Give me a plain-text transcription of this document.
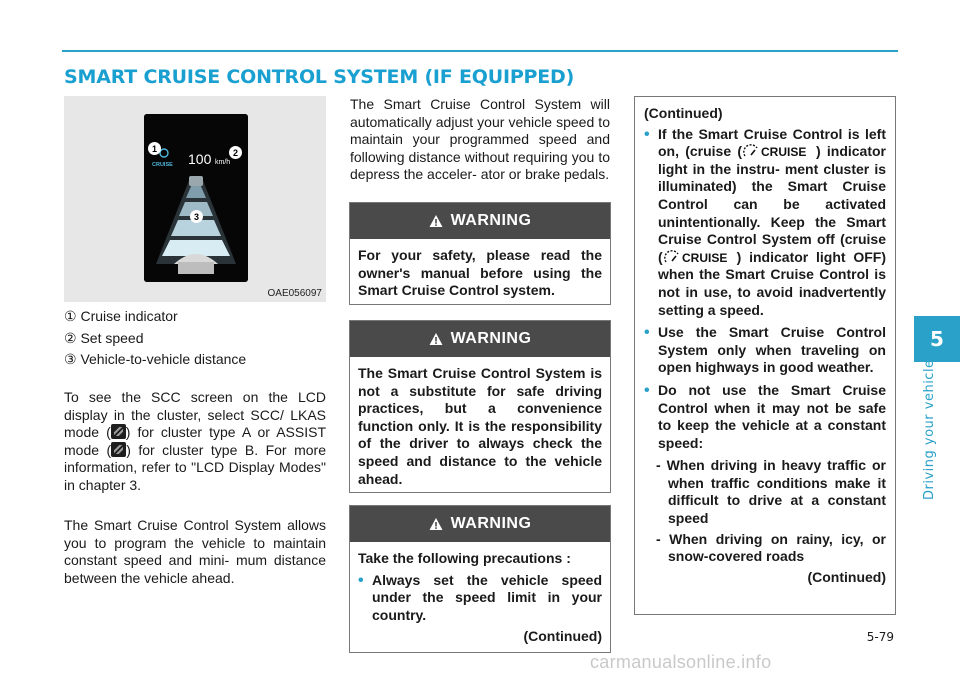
SMART CRUISE CONTROL SYSTEM (IF EQUIPPED)
5
Driving your vehicle
CRUISE 100 km/h
1	2
3
OAE056097
① Cruise indicator
② Set speed
③ Vehicle-to-vehicle distance
To see the SCC screen on the LCD display in the cluster, select SCC/ LKAS mode ( ) for cluster type A or ASSIST mode ( ) for cluster type B. For more information, refer to "LCD Display Modes" in chapter 3.
The Smart Cruise Control System allows you to program the vehicle to maintain constant speed and mini- mum distance between the vehicle ahead.
The Smart Cruise Control System will automatically adjust your vehicle speed to maintain your programmed speed and following distance without requiring you to depress the acceler- ator or brake pedals.
WARNING
For your safety, please read the owner's manual before using the Smart Cruise Control system.
WARNING
The Smart Cruise Control System is not a substitute for safe driving practices, but a convenience function only. It is the responsibility of the driver to always check the speed and distance to the vehicle ahead.
WARNING
Take the following precautions :
• Always set the vehicle speed under the speed limit in your country.
(Continued)
(Continued)
• If the Smart Cruise Control is left on, (cruise ( CRUISE ) indicator light in the instru- ment cluster is illuminated) the Smart Cruise Control can be activated unintentionally. Keep the Smart Cruise Control System off (cruise ( CRUISE ) indicator light OFF) when the Smart Cruise Control is not in use, to avoid inadvertently setting a speed.
• Use the Smart Cruise Control System only when traveling on open highways in good weather.
• Do not use the Smart Cruise Control when it may not be safe to keep the vehicle at a constant speed:
- When driving in heavy traffic or when traffic conditions make it difficult to drive at a constant speed
- When driving on rainy, icy, or snow-covered roads
(Continued)
5-79
carmanualsonline.info
